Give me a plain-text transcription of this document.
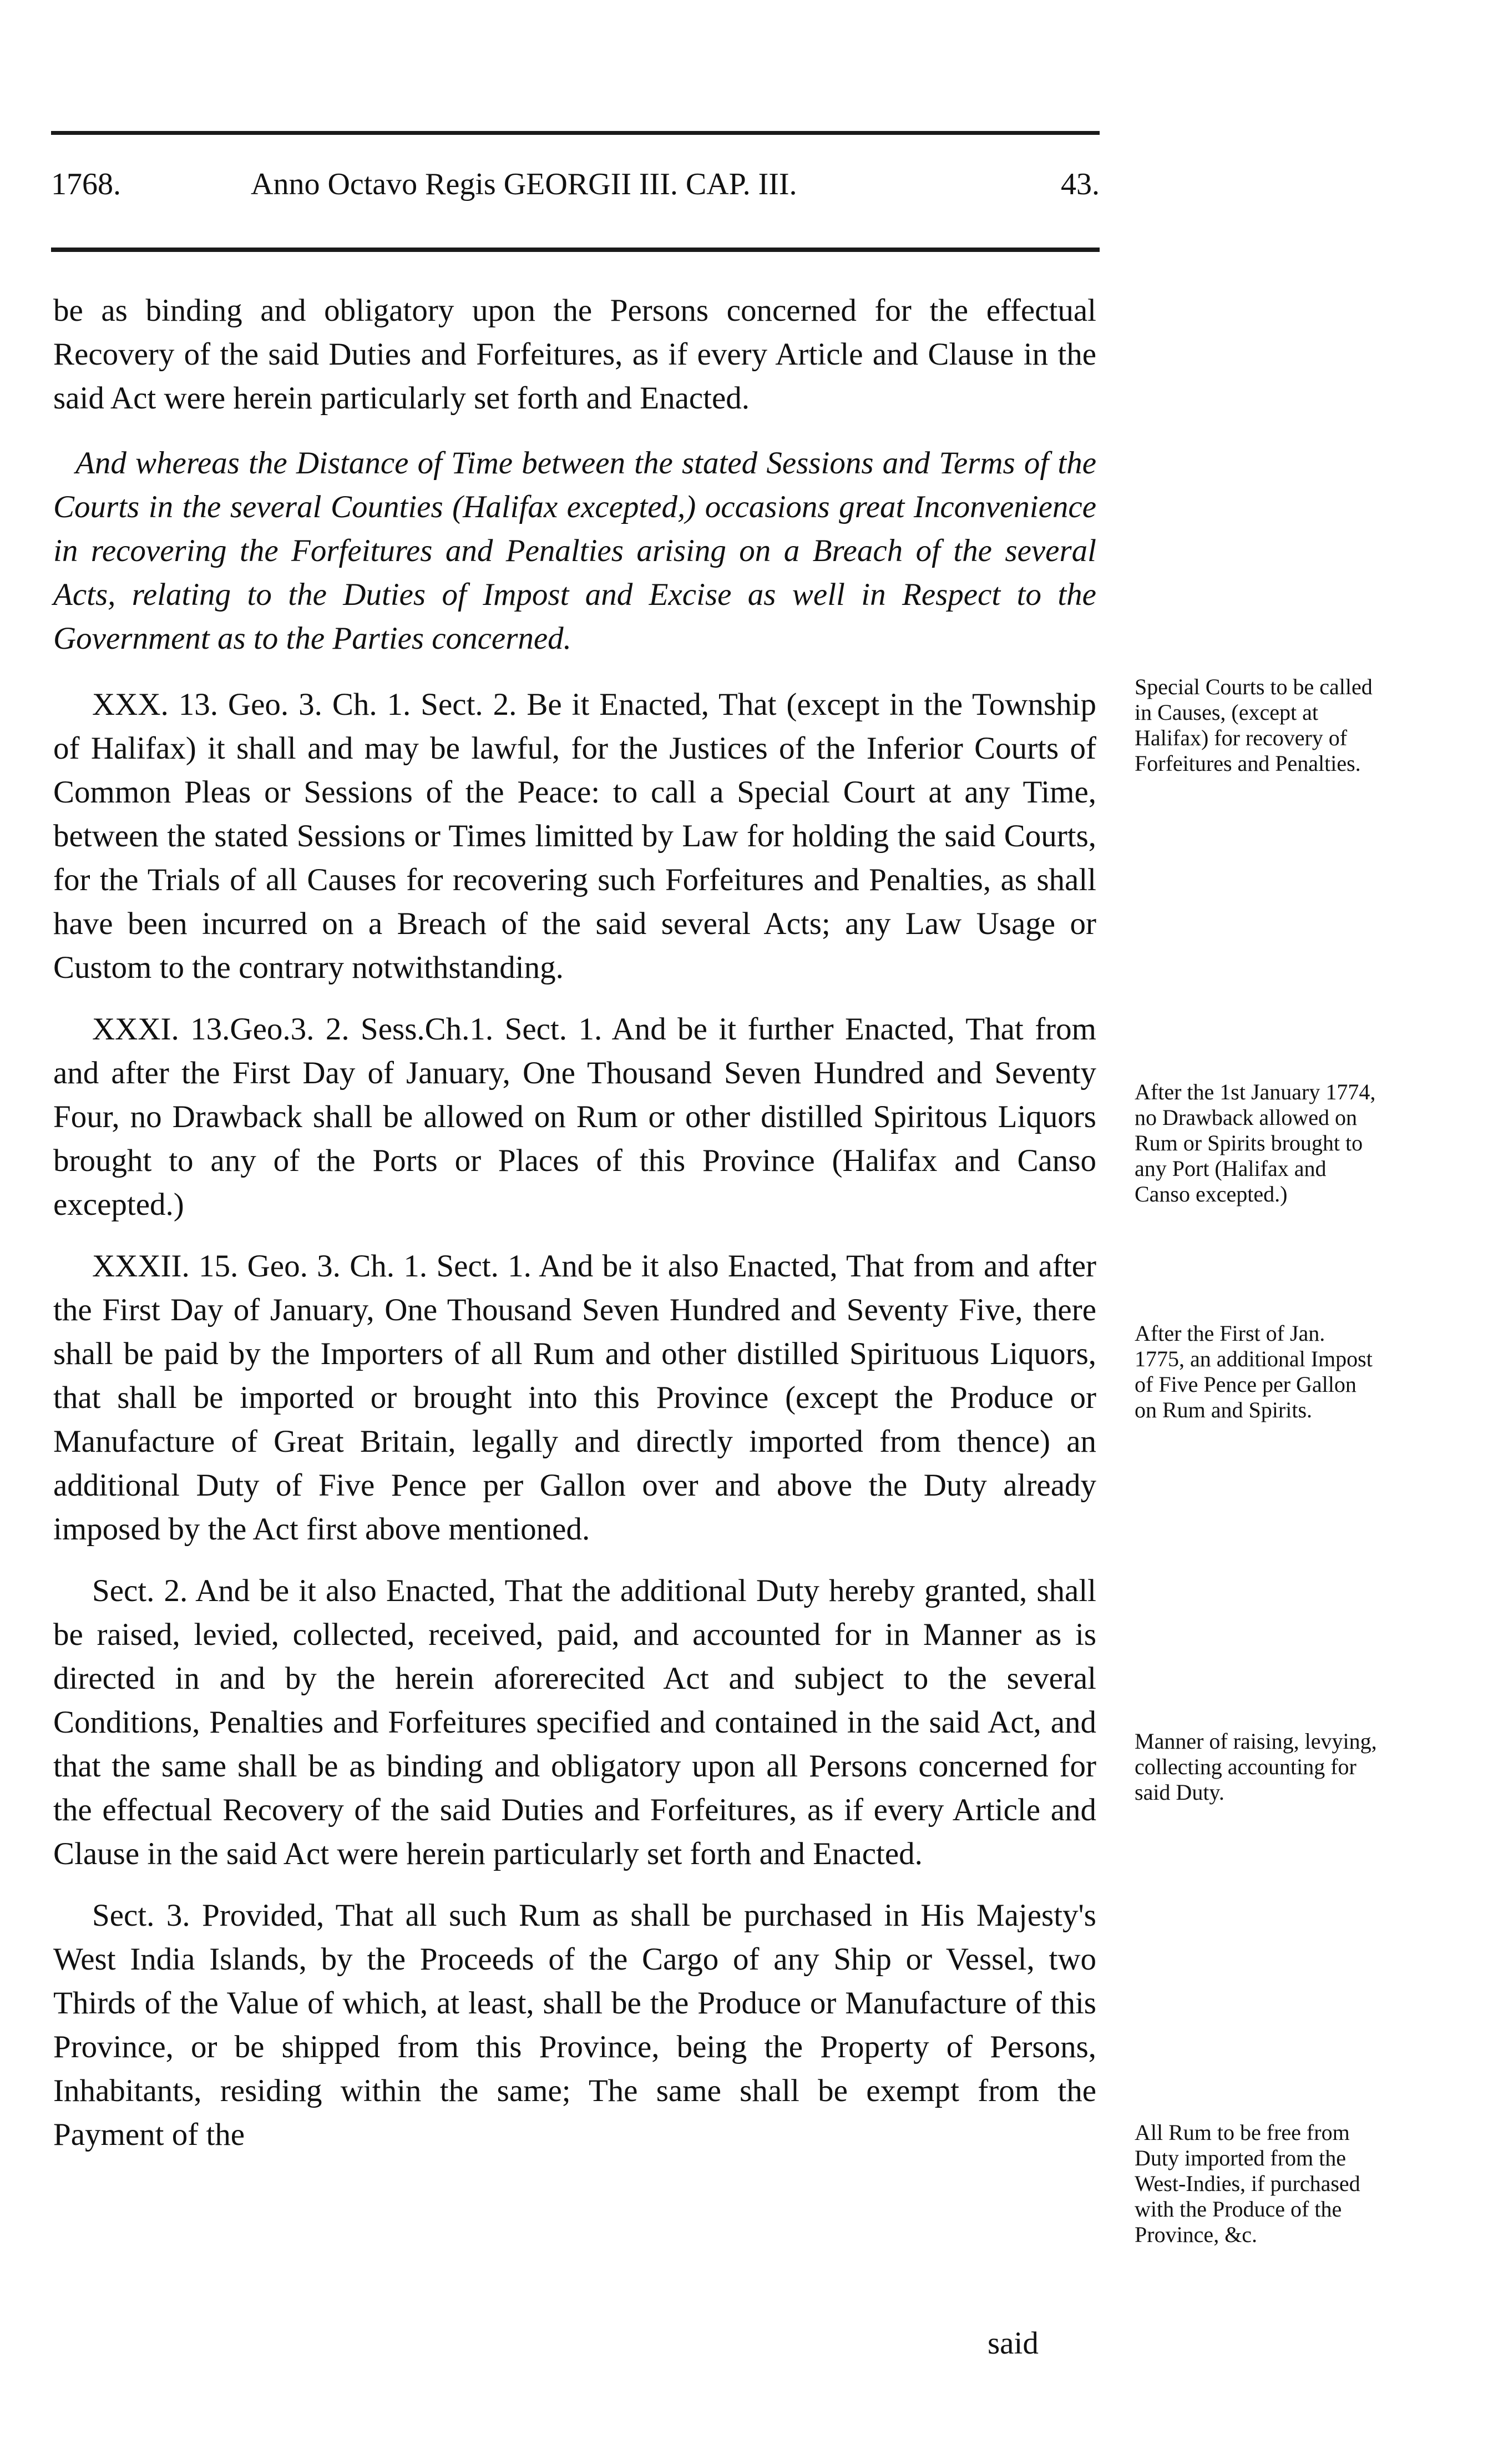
1768.	Anno Octavo Regis GEORGII III. CAP. III.	43.

be as binding and obligatory upon the Persons concerned for the effectual Recovery of the said Duties and Forfeitures, as if every Article and Clause in the said Act were herein particularly set forth and Enacted.

And whereas the Distance of Time between the stated Sessions and Terms of the Courts in the several Counties (Halifax excepted,) occasions great Inconvenience in recovering the Forfeitures and Penalties arising on a Breach of the several Acts, relating to the Duties of Impost and Excise as well in Respect to the Government as to the Parties concerned.

XXX. 13. Geo. 3. Ch. 1. Sect. 2. Be it Enacted, That (except in the Township of Halifax) it shall and may be lawful, for the Justices of the Inferior Courts of Common Pleas or Sessions of the Peace: to call a Special Court at any Time, between the stated Sessions or Times limitted by Law for holding the said Courts, for the Trials of all Causes for recovering such Forfeitures and Penalties, as shall have been incurred on a Breach of the said several Acts; any Law Usage or Custom to the contrary notwithstanding.

XXXI. 13.Geo.3. 2. Sess.Ch.1. Sect. 1. And be it further Enacted, That from and after the First Day of January, One Thousand Seven Hundred and Seventy Four, no Drawback shall be allowed on Rum or other distilled Spiritous Liquors brought to any of the Ports or Places of this Province (Halifax and Canso excepted.)

XXXII. 15. Geo. 3. Ch. 1. Sect. 1. And be it also Enacted, That from and after the First Day of January, One Thousand Seven Hundred and Seventy Five, there shall be paid by the Importers of all Rum and other distilled Spirituous Liquors, that shall be imported or brought into this Province (except the Produce or Manufacture of Great Britain, legally and directly imported from thence) an additional Duty of Five Pence per Gallon over and above the Duty already imposed by the Act first above mentioned.

Sect. 2. And be it also Enacted, That the additional Duty hereby granted, shall be raised, levied, collected, received, paid, and accounted for in Manner as is directed in and by the herein aforerecited Act and subject to the several Conditions, Penalties and Forfeitures specified and contained in the said Act, and that the same shall be as binding and obligatory upon all Persons concerned for the effectual Recovery of the said Duties and Forfeitures, as if every Article and Clause in the said Act were herein particularly set forth and Enacted.

Sect. 3. Provided, That all such Rum as shall be purchased in His Majesty's West India Islands, by the Proceeds of the Cargo of any Ship or Vessel, two Thirds of the Value of which, at least, shall be the Produce or Manufacture of this Province, or be shipped from this Province, being the Property of Persons, Inhabitants, residing within the same; The same shall be exempt from the Payment of the

Special Courts to be called in Causes, (except at Halifax) for recovery of Forfeitures and Penalties.
After the 1st January 1774, no Drawback allowed on Rum or Spirits brought to any Port (Halifax and Canso excepted.)
After the First of Jan. 1775, an additional Impost of Five Pence per Gallon on Rum and Spirits.
Manner of raising, levying, collecting accounting for said Duty.
All Rum to be free from Duty imported from the West-Indies, if purchased with the Produce of the Province, &c.
said
